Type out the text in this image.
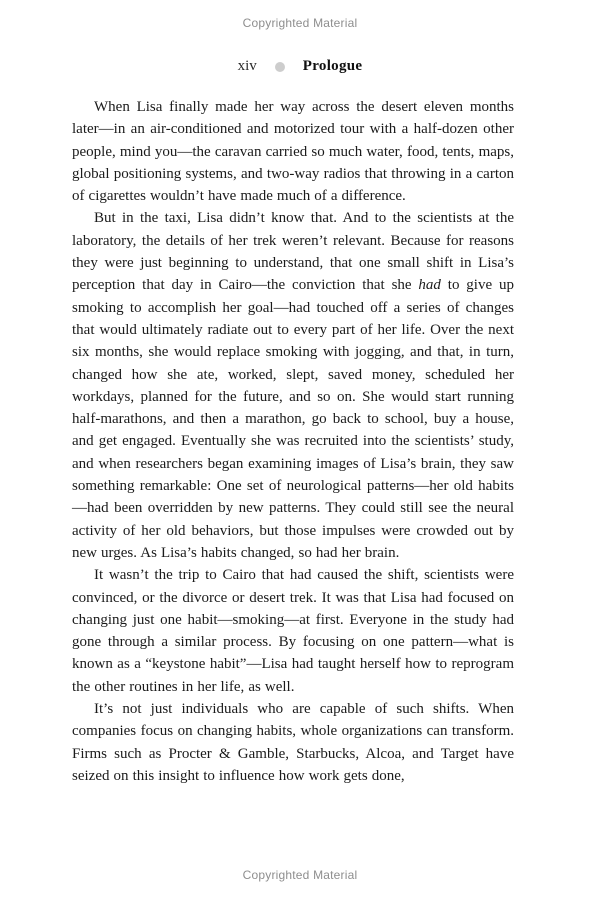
Copyrighted Material
xiv	Prologue

When Lisa finally made her way across the desert eleven months later—in an air-conditioned and motorized tour with a half-dozen other people, mind you—the caravan carried so much water, food, tents, maps, global positioning systems, and two-way radios that throwing in a carton of cigarettes wouldn’t have made much of a difference.

But in the taxi, Lisa didn’t know that. And to the scientists at the laboratory, the details of her trek weren’t relevant. Because for reasons they were just beginning to understand, that one small shift in Lisa’s perception that day in Cairo—the conviction that she had to give up smoking to accomplish her goal—had touched off a series of changes that would ultimately radiate out to every part of her life. Over the next six months, she would replace smoking with jogging, and that, in turn, changed how she ate, worked, slept, saved money, scheduled her workdays, planned for the future, and so on. She would start running half-marathons, and then a marathon, go back to school, buy a house, and get engaged. Eventually she was recruited into the scientists’ study, and when researchers began examining images of Lisa’s brain, they saw something remarkable: One set of neurological patterns—her old habits—had been overridden by new patterns. They could still see the neural activity of her old behaviors, but those impulses were crowded out by new urges. As Lisa’s habits changed, so had her brain.

It wasn’t the trip to Cairo that had caused the shift, scientists were convinced, or the divorce or desert trek. It was that Lisa had focused on changing just one habit—smoking—at first. Everyone in the study had gone through a similar process. By focusing on one pattern—what is known as a “keystone habit”—Lisa had taught herself how to reprogram the other routines in her life, as well.

It’s not just individuals who are capable of such shifts. When companies focus on changing habits, whole organizations can transform. Firms such as Procter & Gamble, Starbucks, Alcoa, and Target have seized on this insight to influence how work gets done,

Copyrighted Material
